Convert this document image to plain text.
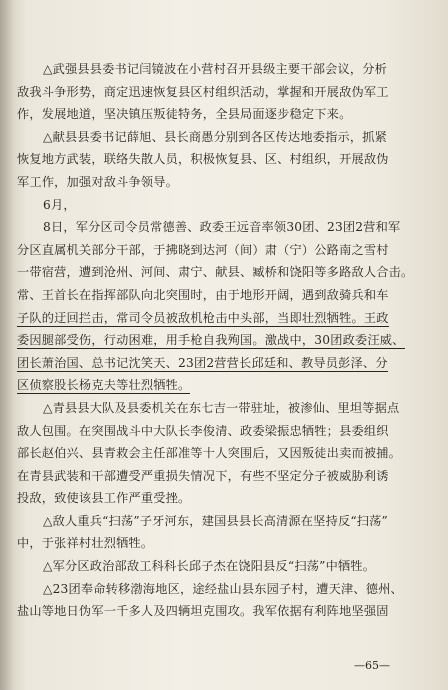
△武强县县委书记闫镜波在小营村召开县级主要干部会议，分析
敌我斗争形势，商定迅速恢复县区村组织活动，掌握和开展敌伪军工
作，发展地道，坚决镇压叛徒特务，全县局面逐步稳定下来。
△献县县委书记薛旭、县长商愚分别到各区传达地委指示，抓紧
恢复地方武装，联络失散人员，积极恢复县、区、村组织，开展敌伪
军工作，加强对敌斗争领导。
6月，
8日，军分区司令员常德善、政委王远音率领30团、23团2营和军
分区直属机关部分干部，于拂晓到达河（间）肃（宁）公路南之雪村
一带宿营，遭到沧州、河间、肃宁、献县、臧桥和饶阳等多路敌人合击。
常、王首长在指挥部队向北突围时，由于地形开阔，遇到敌骑兵和车
子队的迂回拦击，常司令员被敌机枪击中头部，当即壮烈牺牲。王政
委因腿部受伤，行动困难，用手枪自我殉国。激战中，30团政委汪威、
团长萧治国、总书记沈笑天、23团2营营长邱廷和、教导员彭泽、分
区侦察股长杨克夫等壮烈牺牲。
△青县县大队及县委机关在东七吉一带驻址，被渗仙、里坦等据点
敌人包围。在突围战斗中大队长李俊清、政委梁振忠牺牲；县委组织
部长赵伯兴、县青救会主任部准等十人突围后，又因叛徒出卖而被捕。
在青县武装和干部遭受严重损失情况下，有些不坚定分子被威胁利诱
投敌，致使该县工作严重受挫。
△敌人重兵“扫荡”子牙河东，建国县县长高清源在坚持反“扫荡”
中，于张祥村壮烈牺牲。
△军分区政治部敌工科科长邱子杰在饶阳县反“扫荡”中牺牲。
△23团奉命转移渤海地区，途经盐山县东园子村，遭天津、德州、
盐山等地日伪军一千多人及四辆坦克围攻。我军依据有利阵地坚强固
—65—
